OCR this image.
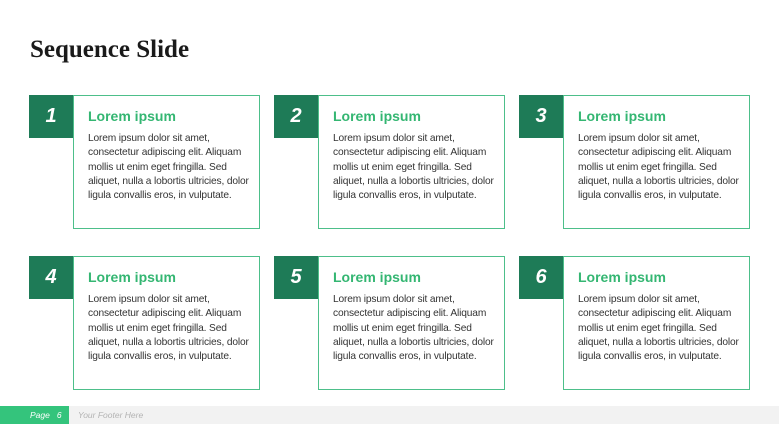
Sequence Slide
Lorem ipsum
Lorem ipsum dolor sit amet, consectetur adipiscing elit. Aliquam mollis ut enim eget fringilla. Sed aliquet, nulla a lobortis ultricies, dolor ligula convallis eros, in vulputate.
1	Lorem ipsum
Lorem ipsum dolor sit amet, consectetur adipiscing elit. Aliquam mollis ut enim eget fringilla. Sed aliquet, nulla a lobortis ultricies, dolor ligula convallis eros, in vulputate.
2	Lorem ipsum
Lorem ipsum dolor sit amet, consectetur adipiscing elit. Aliquam mollis ut enim eget fringilla. Sed aliquet, nulla a lobortis ultricies, dolor ligula convallis eros, in vulputate.
3
Lorem ipsum
Lorem ipsum dolor sit amet, consectetur adipiscing elit. Aliquam mollis ut enim eget fringilla. Sed aliquet, nulla a lobortis ultricies, dolor ligula convallis eros, in vulputate.
4	Lorem ipsum
Lorem ipsum dolor sit amet, consectetur adipiscing elit. Aliquam mollis ut enim eget fringilla. Sed aliquet, nulla a lobortis ultricies, dolor ligula convallis eros, in vulputate.
5	Lorem ipsum
Lorem ipsum dolor sit amet, consectetur adipiscing elit. Aliquam mollis ut enim eget fringilla. Sed aliquet, nulla a lobortis ultricies, dolor ligula convallis eros, in vulputate.
6
Page 6 Your Footer Here
